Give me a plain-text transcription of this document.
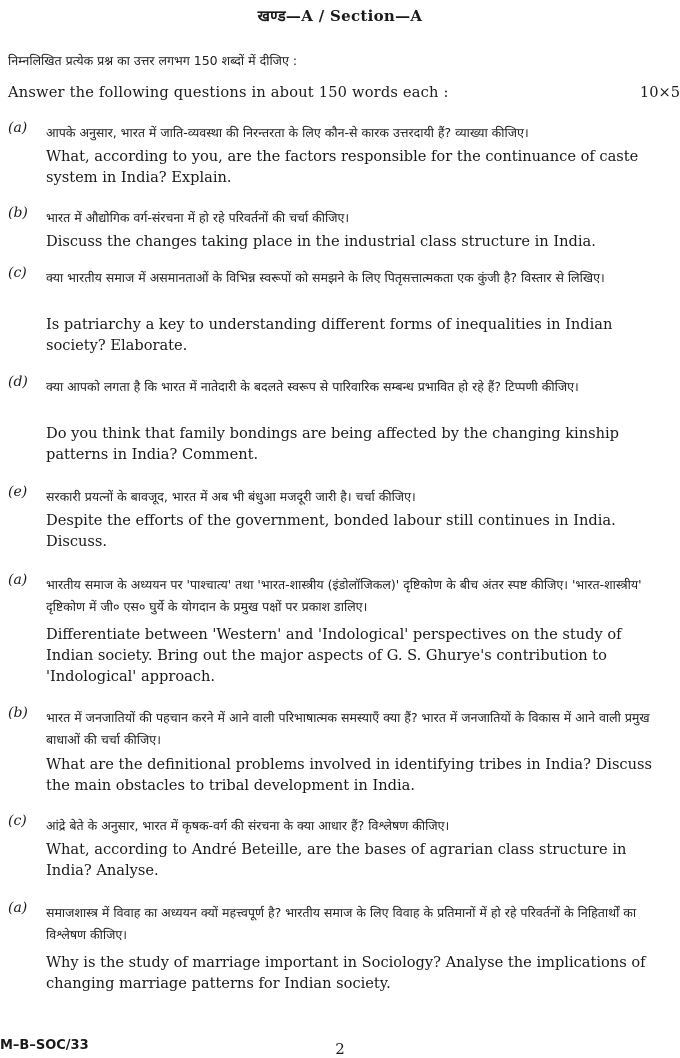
खण्ड—A / Section—A
निम्नलिखित प्रत्येक प्रश्न का उत्तर लगभग 150 शब्दों में दीजिए :
Answer the following questions in about 150 words each :	10×5
(a) आपके अनुसार, भारत में जाति-व्यवस्था की निरन्तरता के लिए कौन-से कारक उत्तरदायी हैं? व्याख्या कीजिए।
What, according to you, are the factors responsible for the continuance of caste system in India? Explain.
(b) भारत में औद्योगिक वर्ग-संरचना में हो रहे परिवर्तनों की चर्चा कीजिए।
Discuss the changes taking place in the industrial class structure in India.
(c) क्या भारतीय समाज में असमानताओं के विभिन्न स्वरूपों को समझने के लिए पितृसत्तात्मकता एक कुंजी है? विस्तार से लिखिए।
Is patriarchy a key to understanding different forms of inequalities in Indian society? Elaborate.
(d) क्या आपको लगता है कि भारत में नातेदारी के बदलते स्वरूप से पारिवारिक सम्बन्ध प्रभावित हो रहे हैं? टिप्पणी कीजिए।
Do you think that family bondings are being affected by the changing kinship patterns in India? Comment.
(e) सरकारी प्रयत्नों के बावजूद, भारत में अब भी बंधुआ मजदूरी जारी है। चर्चा कीजिए।
Despite the efforts of the government, bonded labour still continues in India. Discuss.
(a) भारतीय समाज के अध्ययन पर 'पाश्चात्य' तथा 'भारत-शास्त्रीय (इंडोलॉजिकल)' दृष्टिकोण के बीच अंतर स्पष्ट कीजिए। 'भारत-शास्त्रीय' दृष्टिकोण में जी० एस० घुर्ये के योगदान के प्रमुख पक्षों पर प्रकाश डालिए।
Differentiate between 'Western' and 'Indological' perspectives on the study of Indian society. Bring out the major aspects of G. S. Ghurye's contribution to 'Indological' approach.
(b) भारत में जनजातियों की पहचान करने में आने वाली परिभाषात्मक समस्याएँ क्या हैं? भारत में जनजातियों के विकास में आने वाली प्रमुख बाधाओं की चर्चा कीजिए।
What are the definitional problems involved in identifying tribes in India? Discuss the main obstacles to tribal development in India.
(c) आंद्रे बेते के अनुसार, भारत में कृषक-वर्ग की संरचना के क्या आधार हैं? विश्लेषण कीजिए।
What, according to André Beteille, are the bases of agrarian class structure in India? Analyse.
(a) समाजशास्त्र में विवाह का अध्ययन क्यों महत्त्वपूर्ण है? भारतीय समाज के लिए विवाह के प्रतिमानों में हो रहे परिवर्तनों के निहितार्थों का विश्लेषण कीजिए।
Why is the study of marriage important in Sociology? Analyse the implications of changing marriage patterns for Indian society.
M–B–SOC/33	2
